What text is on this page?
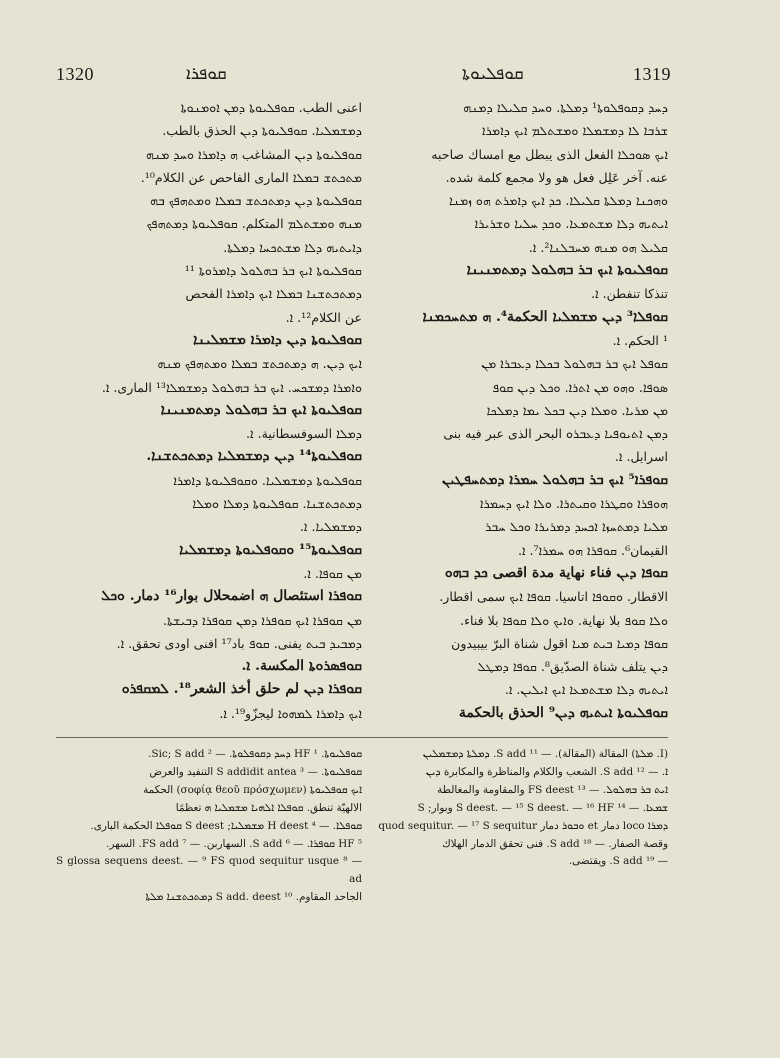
1320	ܩܘܦܪܐ	ܩܘܦܠܝܘܬܐ	1319

اعنى الطب. ܩܘܦܠܝܘܬܐ ܕܡܢ ܐܘܡܢܘܬܐ

ܕܡܫܡܠܝܐ. ܩܘܦܠܝܘܬܐ ܕܝܢ الحذق بالطب.

ܩܘܦܠܝܘܬܐ ܕܝܢ المشاغب ܗ ܕܐܡܪܐ ܘܚܕ ܡܢܗ

ܡܬܟܬܫ ܒܡܠܐ المارى الفاحص عن الكلام¹⁰.

ܩܘܦܠܝܘܬܐ ܕܝܢ ܕܡܬܟܬܫ ܒܡܠܐ ܘܡܬܗܦܟ ܒܗ

ܡܢܗ ܘܡܫܬܠܡ المتكلم. ܩܘܦܠܝܘܬܐ ܕܡܬܗܦܟ

ܕܐܝܬܝܗ ܕܠܐ ܡܫܬܟܚܐ ܕܡܠܬܐ.

ܩܘܦܠܝܘܬܐ ܐܝܟ ܒܪ ܒܗܠܘܠ ܕܐܡܪܘܬܐ ¹¹

ܕܡܬܟܬܫܢܐ ܒܡܠܐ ܐܝܟ ܕܐܡܪܐ الفحص

عن الكلام¹². ܐ.

ܩܘܦܠܝܘܬܐ ܕܝܢ ܕܐܡܪܐ ܡܫܡܠܝܢܐ

ܐܝܟ ܕܝܢ. ܗ ܕܡܬܟܬܫ ܒܡܠܐ ܘܡܬܗܦܟ ܡܢܗ

ܘܐܡܪܐ ܕܡܫܟܚ. ܐܝܟ ܒܪ ܒܗܠܘܠ ܕܡܫܡܠܐ¹³ المارى. ܐ.

ܩܘܦܠܝܘܬܐ ܐܝܟ ܒܪ ܒܗܠܘܠ ܕܡܬܡܢܝܢܐ

ܕܡܠܐ السوفسطانية. ܐ.

ܩܘܦܠܝܘܬܐ¹⁴ ܕܝܢ ܕܡܫܡܠܝܐ ܕܡܬܟܬܫܢܐ.

ܩܘܦܠܝܘܬܐ ܕܡܫܡܠܝܐ. ܘܩܘܦܠܝܘܬܐ ܕܐܡܪܐ

ܕܡܬܟܬܫܢܐ. ܩܘܦܠܝܘܬܐ ܕܡܠܐ ܘܡܠܐ

ܕܡܫܡܠܝܐ. ܐ.

ܩܘܦܠܝܘܬܐ¹⁵ ܘܩܘܦܠܝܘܬܐ ܕܡܫܡܠܝܐ

ܡܢ ܩܘܦܐ. ܐ.

ܩܘܦܪܐ استئصال ܗ اضمحلال بوار¹⁶ دمار. ܘܟܠ

ܡܢ ܩܘܦܪܐ ܐܝܟ ܩܘܦܪܐ ܕܡܢ ܩܘܦܪܐ ܕܒܝܫܬܐ.

ܕܡܒܝܕ ܒܝܬ يفنى. ܩܘܦ باد¹⁷ افنى اودى تحقق. ܐ.

ܩܘܦܣܪܘܬܐ المكسة. ܐ.

ܩܘܦܪܐ ܕܝܢ لم حلق أخذ الشعر¹⁸. ܠܡܩܦܪܘ

ܐܝܟ ܕܐܡܪܐ ܠܡܗܘܐ ليجزّو¹⁹. ܐ.

ܕܚܕ ܕܩܘܦܠܘܬܐ¹ ܕܡܠܬܐ. ܘܚܕ ܩܠܝܠܐ ܕܡܢܗ

ܫܪܒܐ ܠܐ ܕܡܫܡܠܐ ܘܡܫܬܠܡ ܐܝܟ ܕܐܡܪܐ

ܐܝܟ ܣܘܟܠܐ الفعل الذى يبطل مع امساك صاحبه

عنه. آخر عَلِل فعل هو ولا مجمع كلمة شده.

ܘܗܟܢܐ ܕܡܠܬܐ ܩܠܝܠܐ. ܟܕ ܐܝܟ ܕܐܡܪܬ ܗܘ ܙܡܢܐ

ܐܝܬܝܗ ܕܠܐ ܡܫܬܡܥܐ. ܘܟܕ ܚܠܝܐ ܘܫܪܝܪܐ

ܩܠܝܠ ܗܘ ܡܢܗ ܡܚܒܠܢܐ². ܐ.

ܩܘܦܠܝܘܬܐ ܐܝܟ ܒܪ ܒܗܠܘܠ ܕܡܬܡܢܝܢܐ

تنذكا تنفطن. ܐ.

ܩܘܦܠܐ³ ܕܝܢ ܡܫܡܠܝܐ الحكمة⁴. ܗ ܡܬܚܟܡܢܐ

¹ الحكم. ܐ.

ܩܘܦܠ ܐܝܟ ܒܪ ܒܗܠܘܠ ܒܟܠܐ ܕܥܒܪܐ ܡܢ

ܣܘܦܐ. ܘܗܘ ܡܢ ܐܬܪܐ. ܘܟܠ ܕܝܢ ܩܘܦ

ܡܢ ܡܪܝܐ. ܘܡܠܐ ܕܝܢ ܒܟܠ ܝܡܐ ܕܡܠܟܐ

ܕܡܢ ܐܬܝܘܦܝܐ ܕܥܒܪܘ البحر الذى عبر فيه بنى

اسرايل. ܐ.

ܩܘܦܪܐ⁵ ܐܝܟ ܒܪ ܒܗܠܘܠ ܚܡܪܐ ܕܡܬܚܦܛܝܢ

ܗܘܦܪܐ ܘܩܛܪܐ ܘܩܝܬܪܐ. ܘܠܐ ܐܝܟ ܕܚܡܪܐ

ܡܠܝܐ ܕܡܬܚܙܐ ܐܟܚܕ ܕܡܪܝܪܐ ܘܟܠ ܚܒܪ

القيمان⁶. ܩܘܦܪܐ ܗܘ ܚܡܪܐ⁷. ܐ.

ܩܘܦܐ ܕܝܢ فناء نهاية مدة اقصى ܟܕ ܒܗܘ

الاقطار. ܘܩܘܦܐ اتاسيا. ܩܘܦܐ ܐܝܟ سمى اقطار.

ܘܠܐ ܩܘܦ بلا نهاية. ܘܐܝܟ ܘܠܐ ܩܘܦܐ بلا فناء.

ܩܘܦܐ ܕܡܝܐ ܒܝܬ ܡܝܐ اقول شناة البرّ بيبيدون

ܕܝܢ يتلف شناة الصدّيق⁸. ܩܘܦܐ ܕܡܛܠ

ܐܝܬܝܗ ܕܠܐ ܡܫܬܡܥܐ ܐܝܟ ܐܝܠܝܢ. ܐ.

ܩܘܦܠܝܘܬܐ ܐܝܬܝܗ ܕܝܢ⁹ الحذق بالحكمة

ܩܘܦܠܝܘܬܐ. ¹ HF ܕܚܕ ܕܩܘܦܠܘܬܐ. — ² Sic; S add.

ܩܘܦܠܝܘܬܐ. — ³ S addidit antea التنفيد والعرض

ܐܝܟ ܩܘܦܠܝܘܬܐ (σοφίᾳ θεοῦ πρόσχωμεν) الحكمة

الالهيّة تنطق. ܩܘܦܠܐ ܐܠܗܝܐ ܡܫܡܠܝܐ ܗ تعظمًا

ܩܘܦܠܐ. — ⁴ H deest ܡܫܡܠܝܐ; S deest ܩܘܦܠܐ الحكمة البارى.

⁵ HF ܩܘܦܪܐ. — ⁶ S add. السهاربن. — ⁷ FS add. السهر.

— ⁸ S glossa sequens deest. — ⁹ FS quod sequitur usque ad

الجاحد المقاوم. ¹⁰ S add. deest ܕܡܬܟܬܫܢܐ ܡܠܬܐ

(I. ܡܠܬܐ) المقالة (المقالة). — ¹¹ S add. ܕܡܠܬܐ ܕܡܫܡܠܝܢ

ܐ. — ¹² S add. الشعب والكلام والمناظرة والمكابرة ܕܝܢ

ܐܝܬ ܒܪ ܒܗܠܘܠ. — ¹³ FS deest والمقاومة والمغالطة

ܫܡܥܐ. — ¹⁴ S deest. — ¹⁵ S deest. — ¹⁶ HF وبوار; S

ܕܡܪܐ loco دمار et ܘܒܘܪ دمار quod sequitur. — ¹⁷ S sequitur

وقصة الصفار. — ¹⁸ S add. فنى تحقق الدمار الهلاك

— ¹⁹ S add. ويقتضى.
